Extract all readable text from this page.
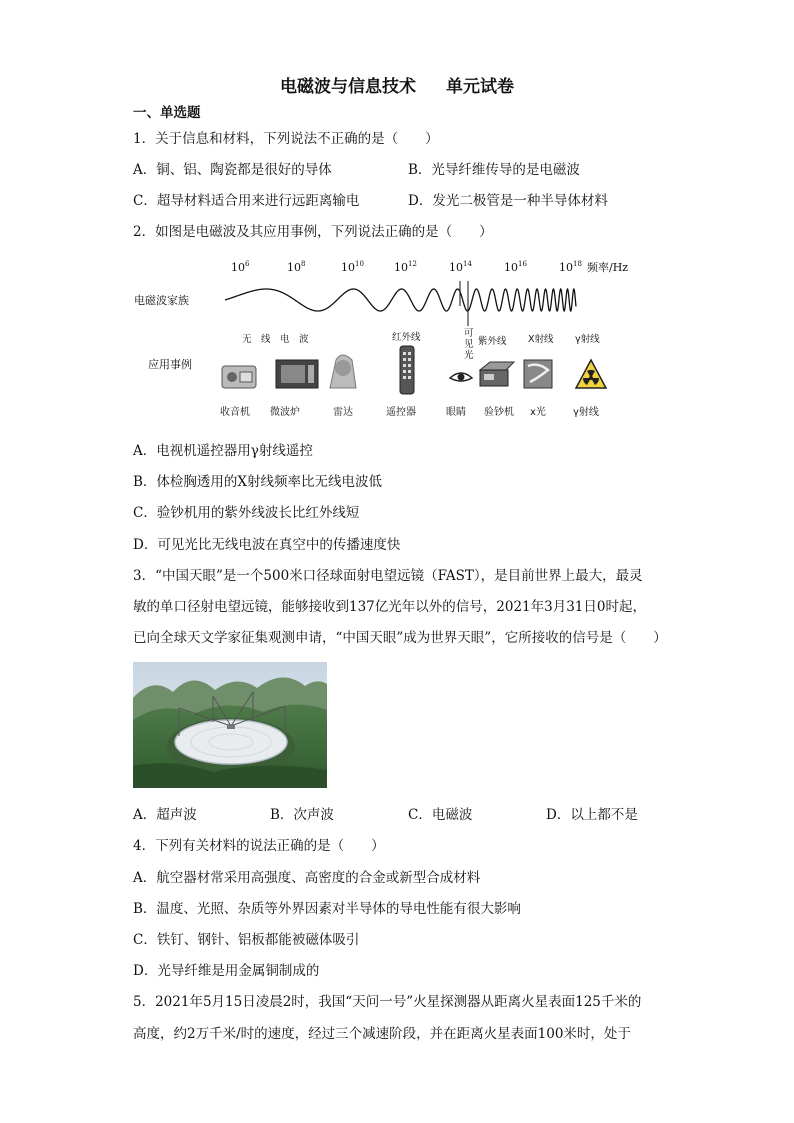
电磁波与信息技术 单元试卷
一、单选题
1．关于信息和材料，下列说法不正确的是（　　）
A．铜、铝、陶瓷都是很好的导体	B．光导纤维传导的是电磁波
C．超导材料适合用来进行远距离输电	D．发光二极管是一种半导体材料
2．如图是电磁波及其应用事例，下列说法正确的是（　　）
$10^6$	$10^8$	$10^{10}$	$10^{12}$	$10^{14}$	$10^{16}$	$10^{18}$ 频率/Hz
电磁波家族
应用事例
无　线　电　波	红外线	可
见
光
紫外线 X射线 γ射线
收音机 微波炉	雷达	遥控器	眼睛 验钞机 x光	γ射线
A．电视机遥控器用γ射线遥控
B．体检胸透用的X射线频率比无线电波低
C．验钞机用的紫外线波长比红外线短
D．可见光比无线电波在真空中的传播速度快
3．“中国天眼”是一个500米口径球面射电望远镜（FAST），是目前世界上最大，最灵
敏的单口径射电望远镜，能够接收到137亿光年以外的信号，2021年3月31日0时起，
已向全球天文学家征集观测申请，“中国天眼”成为世界天眼”，它所接收的信号是（　　）
A．超声波	B．次声波	C．电磁波	D．以上都不是
4．下列有关材料的说法正确的是（　　）
A．航空器材常采用高强度、高密度的合金或新型合成材料
B．温度、光照、杂质等外界因素对半导体的导电性能有很大影响
C．铁钉、钢针、铝板都能被磁体吸引
D．光导纤维是用金属铜制成的
5．2021年5月15日凌晨2时，我国“天问一号”火星探测器从距离火星表面125千米的
高度，约2万千米/时的速度，经过三个减速阶段，并在距离火星表面100米时，处于
